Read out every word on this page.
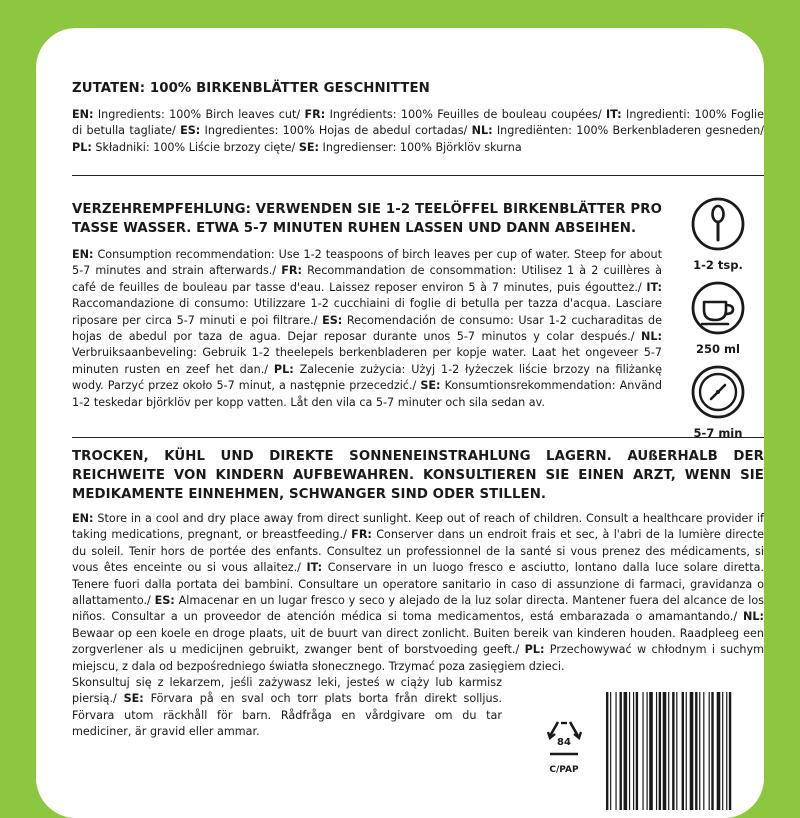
ZUTATEN: 100% BIRKENBLÄTTER GESCHNITTEN
EN: Ingredients: 100% Birch leaves cut/ FR: Ingrédients: 100% Feuilles de bouleau coupées/ IT: Ingredienti: 100% Foglie di betulla tagliate/ ES: Ingredientes: 100% Hojas de abedul cortadas/ NL: Ingrediënten: 100% Berkenbladeren gesneden/ PL: Składniki: 100% Liście brzozy cięte/ SE: Ingredienser: 100% Björklöv skurna
VERZEHREMPFEHLUNG: VERWENDEN SIE 1-2 TEELÖFFEL BIRKENBLÄTTER PRO TASSE WASSER. ETWA 5-7 MINUTEN RUHEN LASSEN UND DANN ABSEIHEN.
EN: Consumption recommendation: Use 1-2 teaspoons of birch leaves per cup of water. Steep for about 5-7 minutes and strain afterwards./ FR: Recommandation de consommation: Utilisez 1 à 2 cuillères à café de feuilles de bouleau par tasse d'eau. Laissez reposer environ 5 à 7 minutes, puis égouttez./ IT: Raccomandazione di consumo: Utilizzare 1-2 cucchiaini di foglie di betulla per tazza d'acqua. Lasciare riposare per circa 5-7 minuti e poi filtrare./ ES: Recomendación de consumo: Usar 1-2 cucharaditas de hojas de abedul por taza de agua. Dejar reposar durante unos 5-7 minutos y colar después./ NL: Verbruiksaanbeveling: Gebruik 1-2 theelepels berkenbladeren per kopje water. Laat het ongeveer 5-7 minuten rusten en zeef het dan./ PL: Zalecenie zużycia: Użyj 1-2 łyżeczek liście brzozy na filiżankę wody. Parzyć przez około 5-7 minut, a następnie przecedzić./ SE: Konsumtionsrekommendation: Använd 1-2 teskedar björklöv per kopp vatten. Låt den vila ca 5-7 minuter och sila sedan av.
1-2 tsp.
250 ml
5-7 min
TROCKEN, KÜHL UND DIREKTE SONNENEINSTRAHLUNG LAGERN. AUßERHALB DER REICHWEITE VON KINDERN AUFBEWAHREN. KONSULTIEREN SIE EINEN ARZT, WENN SIE MEDIKAMENTE EINNEHMEN, SCHWANGER SIND ODER STILLEN.
EN: Store in a cool and dry place away from direct sunlight. Keep out of reach of children. Consult a healthcare provider if taking medications, pregnant, or breastfeeding./ FR: Conserver dans un endroit frais et sec, à l'abri de la lumière directe du soleil. Tenir hors de portée des enfants. Consultez un professionnel de la santé si vous prenez des médicaments, si vous êtes enceinte ou si vous allaitez./ IT: Conservare in un luogo fresco e asciutto, lontano dalla luce solare diretta. Tenere fuori dalla portata dei bambini. Consultare un operatore sanitario in caso di assunzione di farmaci, gravidanza o allattamento./ ES: Almacenar en un lugar fresco y seco y alejado de la luz solar directa. Mantener fuera del alcance de los niños. Consultar a un proveedor de atención médica si toma medicamentos, está embarazada o amamantando./ NL: Bewaar op een koele en droge plaats, uit de buurt van direct zonlicht. Buiten bereik van kinderen houden. Raadpleeg een zorgverlener als u medicijnen gebruikt, zwanger bent of borstvoeding geeft./ PL: Przechowywać w chłodnym i suchym miejscu, z dala od bezpośredniego światła słonecznego. Trzymać poza zasięgiem dzieci.
Skonsultuj się z lekarzem, jeśli zażywasz leki, jesteś w ciąży lub karmisz piersią./ SE: Förvara på en sval och torr plats borta från direkt solljus. Förvara utom räckhåll för barn. Rådfråga en vårdgivare om du tar mediciner, är gravid eller ammar.
84
C/PAP
